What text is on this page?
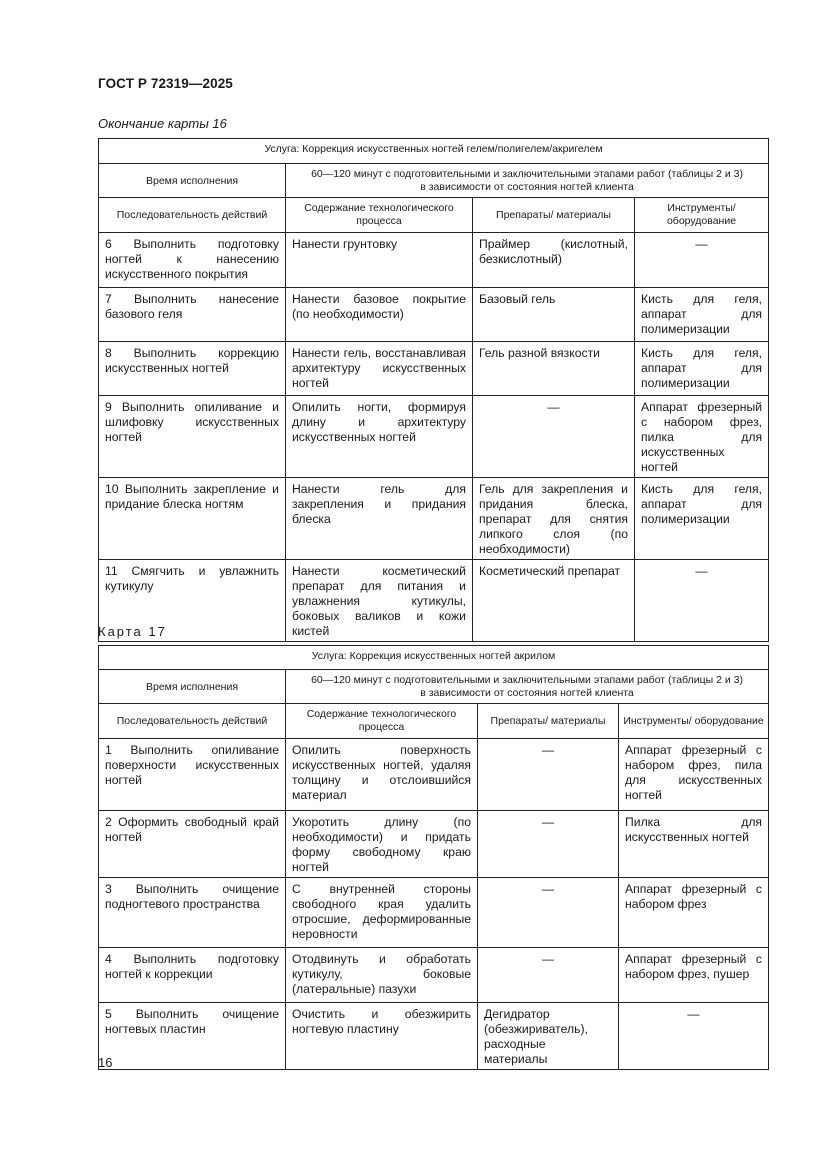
ГОСТ Р 72319—2025
Окончание карты 16
Услуга: Коррекция искусственных ногтей гелем/полигелем/акригелем			
Время исполнения	60—120 минут с подготовительными и заключительными этапами работ (таблицы 2 и 3)
в зависимости от состояния ногтей клиента		
Последовательность действий	Содержание технологического процесса	Препараты/ материалы	Инструменты/ оборудование
6 Выполнить подготовку ногтей к нанесению искусственного покрытия	Нанести грунтовку	Праймер (кислотный, безкислотный)	—
7 Выполнить нанесение базового геля	Нанести базовое покрытие (по необходимости)	Базовый гель	Кисть для геля, аппарат для полимеризации
8 Выполнить коррекцию искусственных ногтей	Нанести гель, восстанавливая архитектуру искусственных ногтей	Гель разной вязкости	Кисть для геля, аппарат для полимеризации
9 Выполнить опиливание и шлифовку искусственных ногтей	Опилить ногти, формируя длину и архитектуру искусственных ногтей	—	Аппарат фрезерный с набором фрез, пилка для искусственных ногтей
10 Выполнить закрепление и придание блеска ногтям	Нанести гель для закрепления и придания блеска	Гель для закрепления и придания блеска, препарат для снятия липкого слоя (по необходимости)	Кисть для геля, аппарат для полимеризации
11 Смягчить и увлажнить кутикулу	Нанести косметический препарат для питания и увлажнения кутикулы, боковых валиков и кожи кистей	Косметический препарат	—
Карта 17
Услуга: Коррекция искусственных ногтей акрилом			
Время исполнения	60—120 минут с подготовительными и заключительными этапами работ (таблицы 2 и 3)
в зависимости от состояния ногтей клиента		
Последовательность действий	Содержание технологического процесса	Препараты/ материалы	Инструменты/ оборудование
1 Выполнить опиливание поверхности искусственных ногтей	Опилить поверхность искусственных ногтей, удаляя толщину и отслоившийся материал	—	Аппарат фрезерный с набором фрез, пила для искусственных ногтей
2 Оформить свободный край ногтей	Укоротить длину (по необходимости) и придать форму свободному краю ногтей	—	Пилка для искусственных ногтей
3 Выполнить очищение подногтевого пространства	С внутренней стороны свободного края удалить отросшие, деформированные неровности	—	Аппарат фрезерный с набором фрез
4 Выполнить подготовку ногтей к коррекции	Отодвинуть и обработать кутикулу, боковые (латеральные) пазухи	—	Аппарат фрезерный с набором фрез, пушер
5 Выполнить очищение ногтевых пластин	Очистить и обезжирить ногтевую пластину	Дегидратор (обезжириватель), расходные материалы	—
16
